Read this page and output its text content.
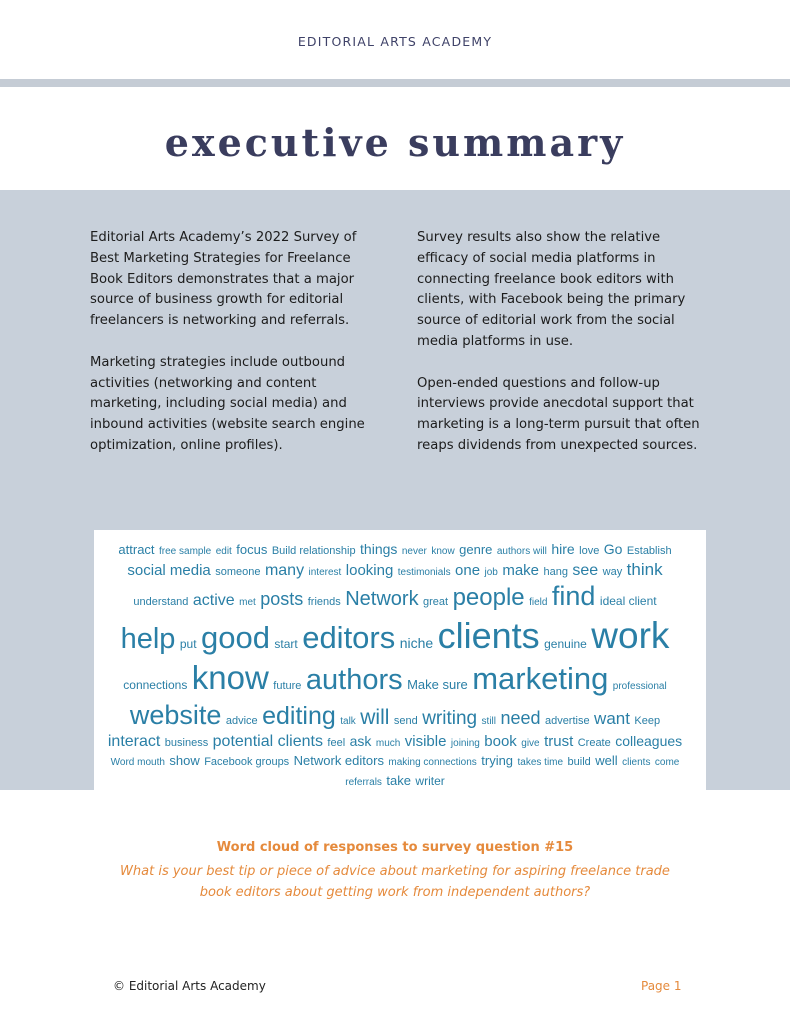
EDITORIAL ARTS ACADEMY
executive summary

Editorial Arts Academy’s 2022 Survey of Best Marketing Strategies for Freelance Book Editors demonstrates that a major source of business growth for editorial freelancers is networking and referrals.

Marketing strategies include outbound activities (networking and content marketing, including social media) and inbound activities (website search engine optimization, online profiles).

Survey results also show the relative efficacy of social media platforms in connecting freelance book editors with clients, with Facebook being the primary source of editorial work from the social media platforms in use.

Open-ended questions and follow-up interviews provide anecdotal support that marketing is a long-term pursuit that often reaps dividends from unexpected sources.

attract free sample edit focus Build relationship things never know genre authors will hire love Go Establish social media someone many interest looking testimonials one job make hang see way think understand active met posts friends Network great people field find ideal client help put good start editors niche clients genuine work connections know future authors Make sure marketing professional website advice editing talk will send writing still need advertise want Keep interact business potential clients feel ask much visible joining book give trust Create colleagues Word mouth show Facebook groups Network editors making connections trying takes time build well clients come referrals take writer
Word cloud of responses to survey question #15
What is your best tip or piece of advice about marketing for aspiring freelance trade book editors about getting work from independent authors?
© Editorial Arts Academy	Page 1
